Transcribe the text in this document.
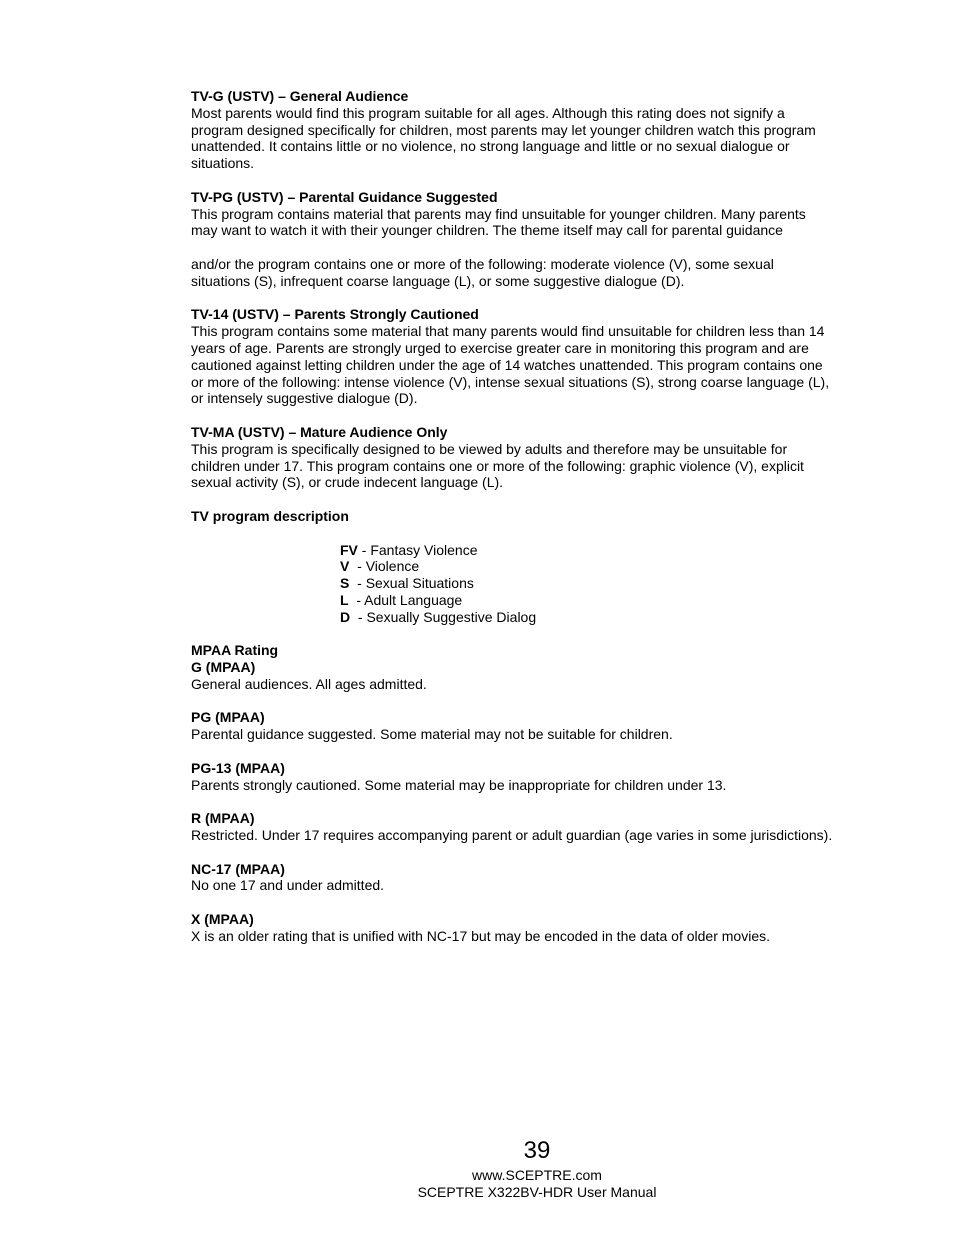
TV-G (USTV) – General Audience

Most parents would find this program suitable for all ages. Although this rating does not signify a program designed specifically for children, most parents may let younger children watch this program unattended. It contains little or no violence, no strong language and little or no sexual dialogue or situations.

TV-PG (USTV) – Parental Guidance Suggested

This program contains material that parents may find unsuitable for younger children. Many parents may want to watch it with their younger children. The theme itself may call for parental guidance

and/or the program contains one or more of the following: moderate violence (V), some sexual situations (S), infrequent coarse language (L), or some suggestive dialogue (D).

TV-14 (USTV) – Parents Strongly Cautioned

This program contains some material that many parents would find unsuitable for children less than 14 years of age. Parents are strongly urged to exercise greater care in monitoring this program and are cautioned against letting children under the age of 14 watches unattended. This program contains one or more of the following: intense violence (V), intense sexual situations (S), strong coarse language (L), or intensely suggestive dialogue (D).

TV-MA (USTV) – Mature Audience Only

This program is specifically designed to be viewed by adults and therefore may be unsuitable for children under 17. This program contains one or more of the following: graphic violence (V), explicit sexual activity (S), or crude indecent language (L).

TV program description

FV - Fantasy Violence

V  - Violence

S  - Sexual Situations

L  - Adult Language

D  - Sexually Suggestive Dialog

MPAA Rating

G (MPAA)

General audiences. All ages admitted.

PG (MPAA)

Parental guidance suggested. Some material may not be suitable for children.

PG-13 (MPAA)

Parents strongly cautioned. Some material may be inappropriate for children under 13.

R (MPAA)

Restricted. Under 17 requires accompanying parent or adult guardian (age varies in some jurisdictions).

NC-17 (MPAA)

No one 17 and under admitted.

X (MPAA)

X is an older rating that is unified with NC-17 but may be encoded in the data of older movies.

39
www.SCEPTRE.com
SCEPTRE X322BV-HDR User Manual
